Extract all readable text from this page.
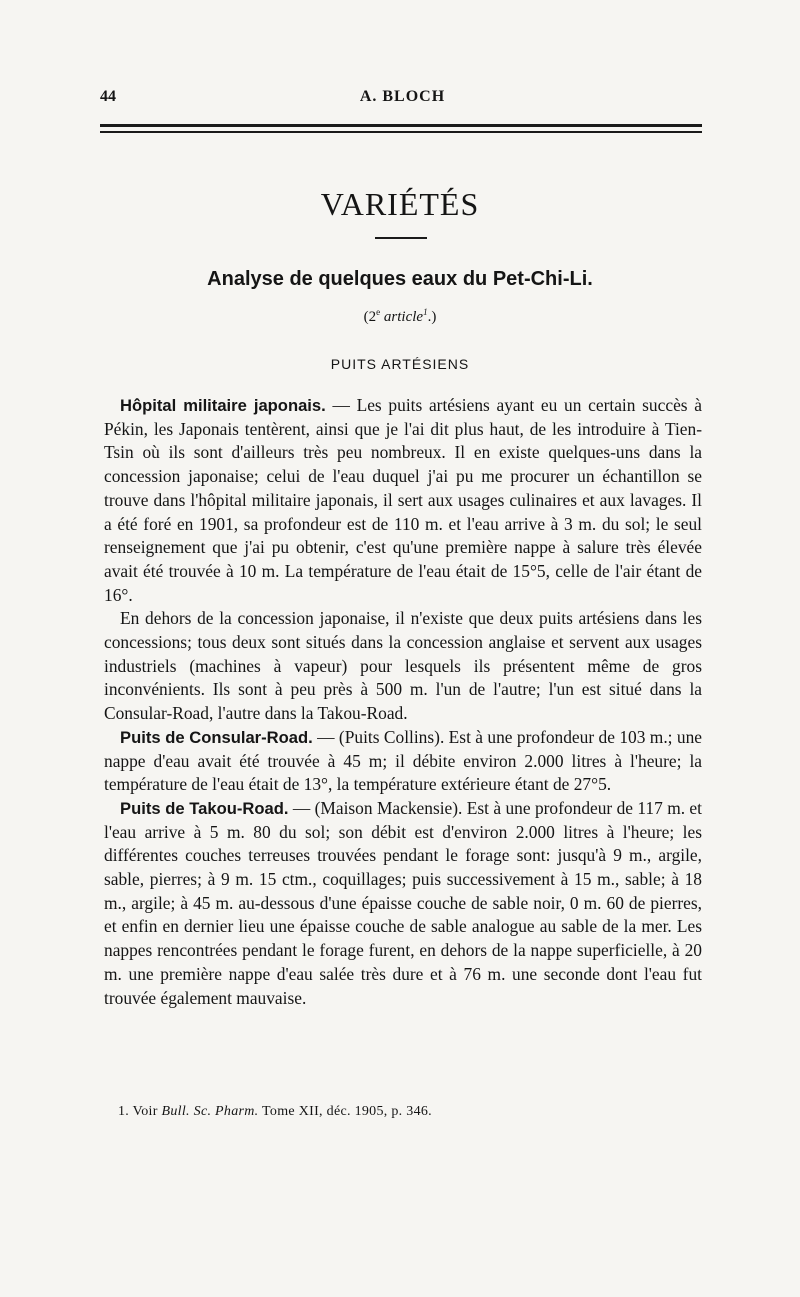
44	A. BLOCH
VARIÉTÉS
Analyse de quelques eaux du Pet-Chi-Li.
(2e article$^1$.)
PUITS ARTÉSIENS

Hôpital militaire japonais. — Les puits artésiens ayant eu un certain succès à Pékin, les Japonais tentèrent, ainsi que je l'ai dit plus haut, de les introduire à Tien-Tsin où ils sont d'ailleurs très peu nombreux. Il en existe quelques-uns dans la concession japonaise; celui de l'eau duquel j'ai pu me procurer un échantillon se trouve dans l'hôpital militaire japonais, il sert aux usages culinaires et aux lavages. Il a été foré en 1901, sa profondeur est de 110 m. et l'eau arrive à 3 m. du sol; le seul renseignement que j'ai pu obtenir, c'est qu'une première nappe à salure très élevée avait été trouvée à 10 m. La température de l'eau était de 15°5, celle de l'air étant de 16°.

En dehors de la concession japonaise, il n'existe que deux puits artésiens dans les concessions; tous deux sont situés dans la concession anglaise et servent aux usages industriels (machines à vapeur) pour lesquels ils présentent même de gros inconvénients. Ils sont à peu près à 500 m. l'un de l'autre; l'un est situé dans la Consular-Road, l'autre dans la Takou-Road.

Puits de Consular-Road. — (Puits Collins). Est à une profondeur de 103 m.; une nappe d'eau avait été trouvée à 45 m; il débite environ 2.000 litres à l'heure; la température de l'eau était de 13°, la température extérieure étant de 27°5.

Puits de Takou-Road. — (Maison Mackensie). Est à une profondeur de 117 m. et l'eau arrive à 5 m. 80 du sol; son débit est d'environ 2.000 litres à l'heure; les différentes couches terreuses trouvées pendant le forage sont: jusqu'à 9 m., argile, sable, pierres; à 9 m. 15 ctm., coquillages; puis successivement à 15 m., sable; à 18 m., argile; à 45 m. au-dessous d'une épaisse couche de sable noir, 0 m. 60 de pierres, et enfin en dernier lieu une épaisse couche de sable analogue au sable de la mer. Les nappes rencontrées pendant le forage furent, en dehors de la nappe superficielle, à 20 m. une première nappe d'eau salée très dure et à 76 m. une seconde dont l'eau fut trouvée également mauvaise.

1. Voir Bull. Sc. Pharm. Tome XII, déc. 1905, p. 346.
